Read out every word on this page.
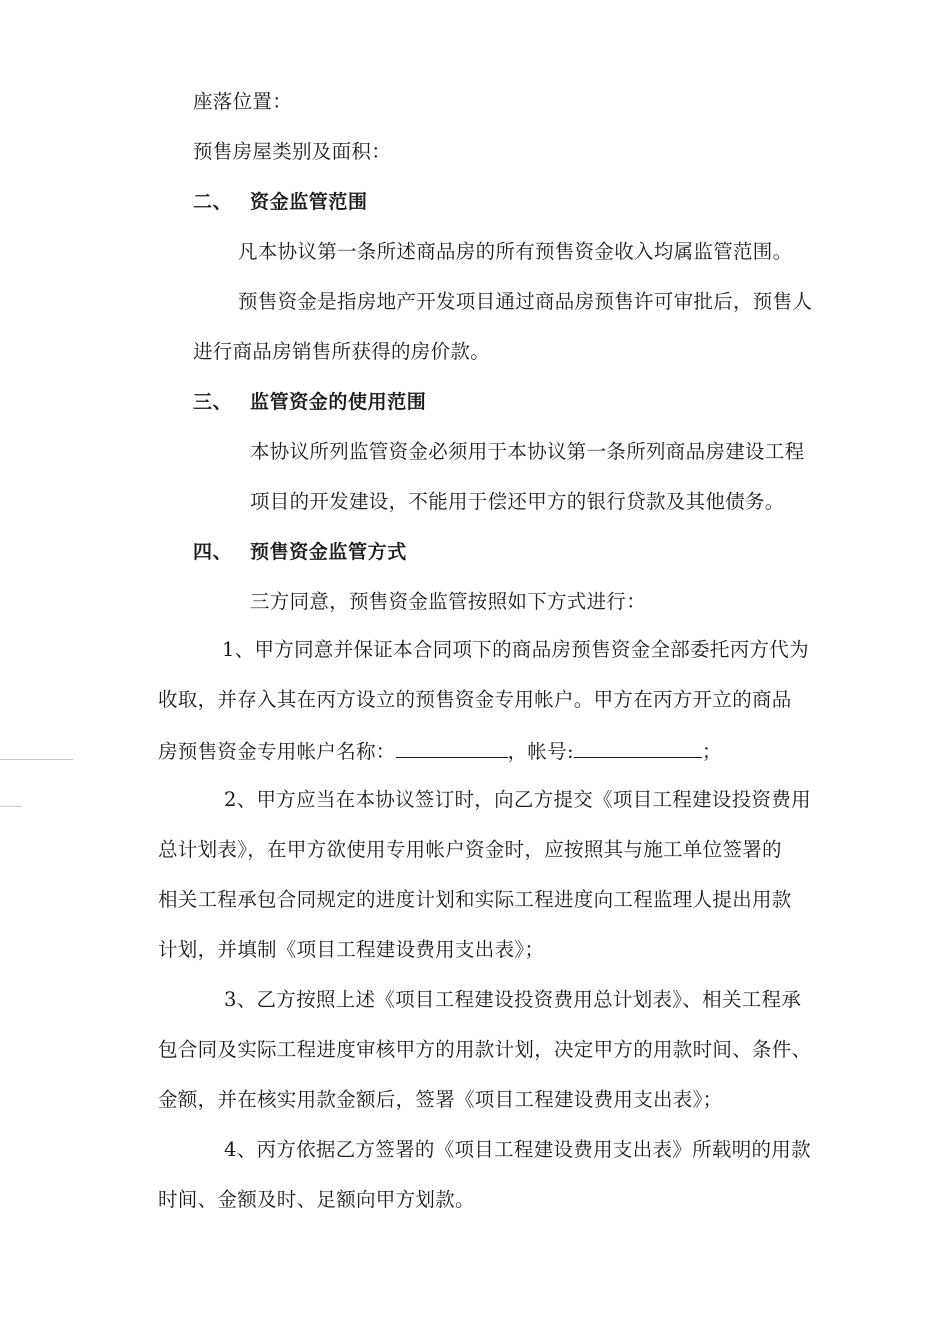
座落位置：
预售房屋类别及面积：
二、 资金监管范围
凡本协议第一条所述商品房的所有预售资金收入均属监管范围。
预售资金是指房地产开发项目通过商品房预售许可审批后，预售人
进行商品房销售所获得的房价款。
三、 监管资金的使用范围
本协议所列监管资金必须用于本协议第一条所列商品房建设工程
项目的开发建设，不能用于偿还甲方的银行贷款及其他债务。
四、 预售资金监管方式
三方同意，预售资金监管按照如下方式进行：
1、甲方同意并保证本合同项下的商品房预售资金全部委托丙方代为
收取，并存入其在丙方设立的预售资金专用帐户。甲方在丙方开立的商品
房预售资金专用帐户名称：	，帐号:	；
2、甲方应当在本协议签订时，向乙方提交《项目工程建设投资费用
总计划表》，在甲方欲使用专用帐户资金时，应按照其与施工单位签署的
相关工程承包合同规定的进度计划和实际工程进度向工程监理人提出用款
计划，并填制《项目工程建设费用支出表》；
3、乙方按照上述《项目工程建设投资费用总计划表》、相关工程承
包合同及实际工程进度审核甲方的用款计划，决定甲方的用款时间、条件、
金额，并在核实用款金额后，签署《项目工程建设费用支出表》；
4、丙方依据乙方签署的《项目工程建设费用支出表》所载明的用款
时间、金额及时、足额向甲方划款。
